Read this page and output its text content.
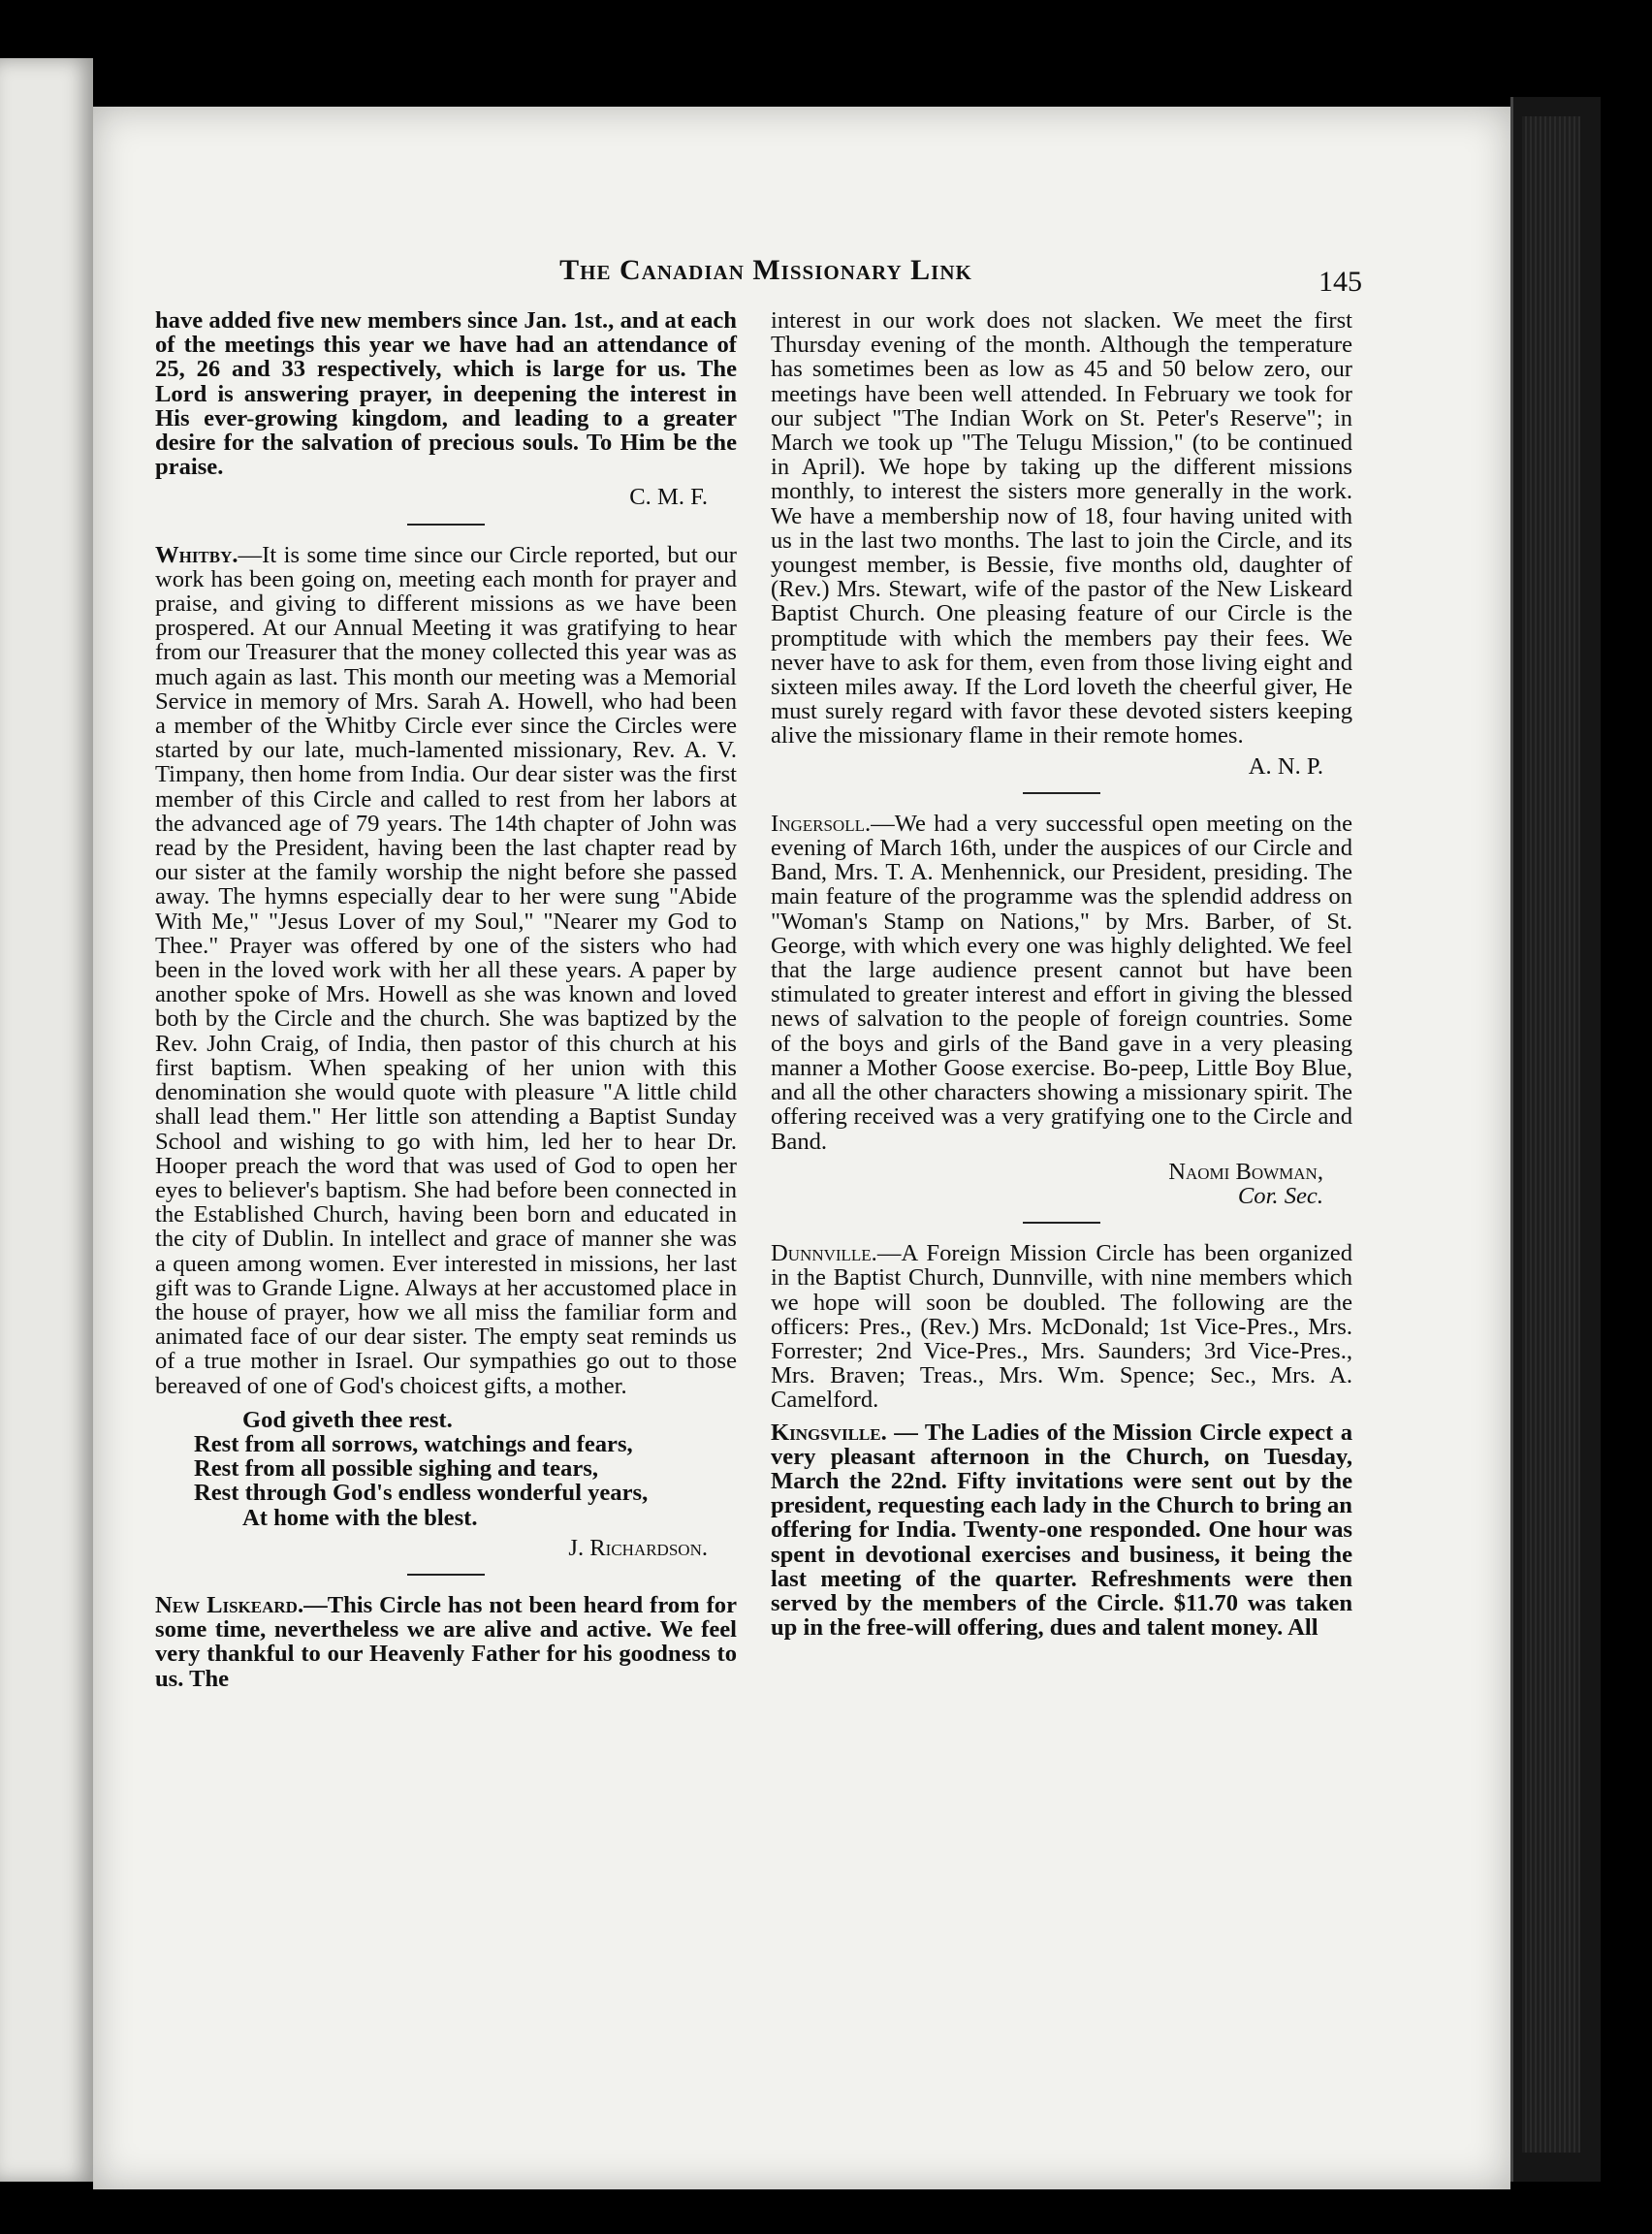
The Canadian Missionary Link	145

have added five new members since Jan. 1st., and at each of the meetings this year we have had an attendance of 25, 26 and 33 respectively, which is large for us. The Lord is answering prayer, in deepening the interest in His ever-growing kingdom, and leading to a greater desire for the salvation of precious souls. To Him be the praise.

C. M. F.

Whitby.—It is some time since our Circle reported, but our work has been going on, meeting each month for prayer and praise, and giving to different missions as we have been prospered. At our Annual Meeting it was gratifying to hear from our Treasurer that the money collected this year was as much again as last. This month our meeting was a Memorial Service in memory of Mrs. Sarah A. Howell, who had been a member of the Whitby Circle ever since the Circles were started by our late, much-lamented missionary, Rev. A. V. Timpany, then home from India. Our dear sister was the first member of this Circle and called to rest from her labors at the advanced age of 79 years. The 14th chapter of John was read by the President, having been the last chapter read by our sister at the family worship the night before she passed away. The hymns especially dear to her were sung "Abide With Me," "Jesus Lover of my Soul," "Nearer my God to Thee." Prayer was offered by one of the sisters who had been in the loved work with her all these years. A paper by another spoke of Mrs. Howell as she was known and loved both by the Circle and the church. She was baptized by the Rev. John Craig, of India, then pastor of this church at his first baptism. When speaking of her union with this denomination she would quote with pleasure "A little child shall lead them." Her little son attending a Baptist Sunday School and wishing to go with him, led her to hear Dr. Hooper preach the word that was used of God to open her eyes to believer's baptism. She had before been connected in the Established Church, having been born and educated in the city of Dublin. In intellect and grace of manner she was a queen among women. Ever interested in missions, her last gift was to Grande Ligne. Always at her accustomed place in the house of prayer, how we all miss the familiar form and animated face of our dear sister. The empty seat reminds us of a true mother in Israel. Our sympathies go out to those bereaved of one of God's choicest gifts, a mother.

God giveth thee rest.
Rest from all sorrows, watchings and fears,
Rest from all possible sighing and tears,
Rest through God's endless wonderful years,
At home with the blest.
J. Richardson.

New Liskeard.—This Circle has not been heard from for some time, nevertheless we are alive and active. We feel very thankful to our Heavenly Father for his goodness to us. The

interest in our work does not slacken. We meet the first Thursday evening of the month. Although the temperature has sometimes been as low as 45 and 50 below zero, our meetings have been well attended. In February we took for our subject "The Indian Work on St. Peter's Reserve"; in March we took up "The Telugu Mission," (to be continued in April). We hope by taking up the different missions monthly, to interest the sisters more generally in the work. We have a membership now of 18, four having united with us in the last two months. The last to join the Circle, and its youngest member, is Bessie, five months old, daughter of (Rev.) Mrs. Stewart, wife of the pastor of the New Liskeard Baptist Church. One pleasing feature of our Circle is the promptitude with which the members pay their fees. We never have to ask for them, even from those living eight and sixteen miles away. If the Lord loveth the cheerful giver, He must surely regard with favor these devoted sisters keeping alive the missionary flame in their remote homes.

A. N. P.

Ingersoll.—We had a very successful open meeting on the evening of March 16th, under the auspices of our Circle and Band, Mrs. T. A. Menhennick, our President, presiding. The main feature of the programme was the splendid address on "Woman's Stamp on Nations," by Mrs. Barber, of St. George, with which every one was highly delighted. We feel that the large audience present cannot but have been stimulated to greater interest and effort in giving the blessed news of salvation to the people of foreign countries. Some of the boys and girls of the Band gave in a very pleasing manner a Mother Goose exercise. Bo-peep, Little Boy Blue, and all the other characters showing a missionary spirit. The offering received was a very gratifying one to the Circle and Band.

Naomi Bowman,
Cor. Sec.

Dunnville.—A Foreign Mission Circle has been organized in the Baptist Church, Dunnville, with nine members which we hope will soon be doubled. The following are the officers: Pres., (Rev.) Mrs. McDonald; 1st Vice-Pres., Mrs. Forrester; 2nd Vice-Pres., Mrs. Saunders; 3rd Vice-Pres., Mrs. Braven; Treas., Mrs. Wm. Spence; Sec., Mrs. A. Camelford.

Kingsville. — The Ladies of the Mission Circle expect a very pleasant afternoon in the Church, on Tuesday, March the 22nd. Fifty invitations were sent out by the president, requesting each lady in the Church to bring an offering for India. Twenty-one responded. One hour was spent in devotional exercises and business, it being the last meeting of the quarter. Refreshments were then served by the members of the Circle. $11.70 was taken up in the free-will offering, dues and talent money. All
